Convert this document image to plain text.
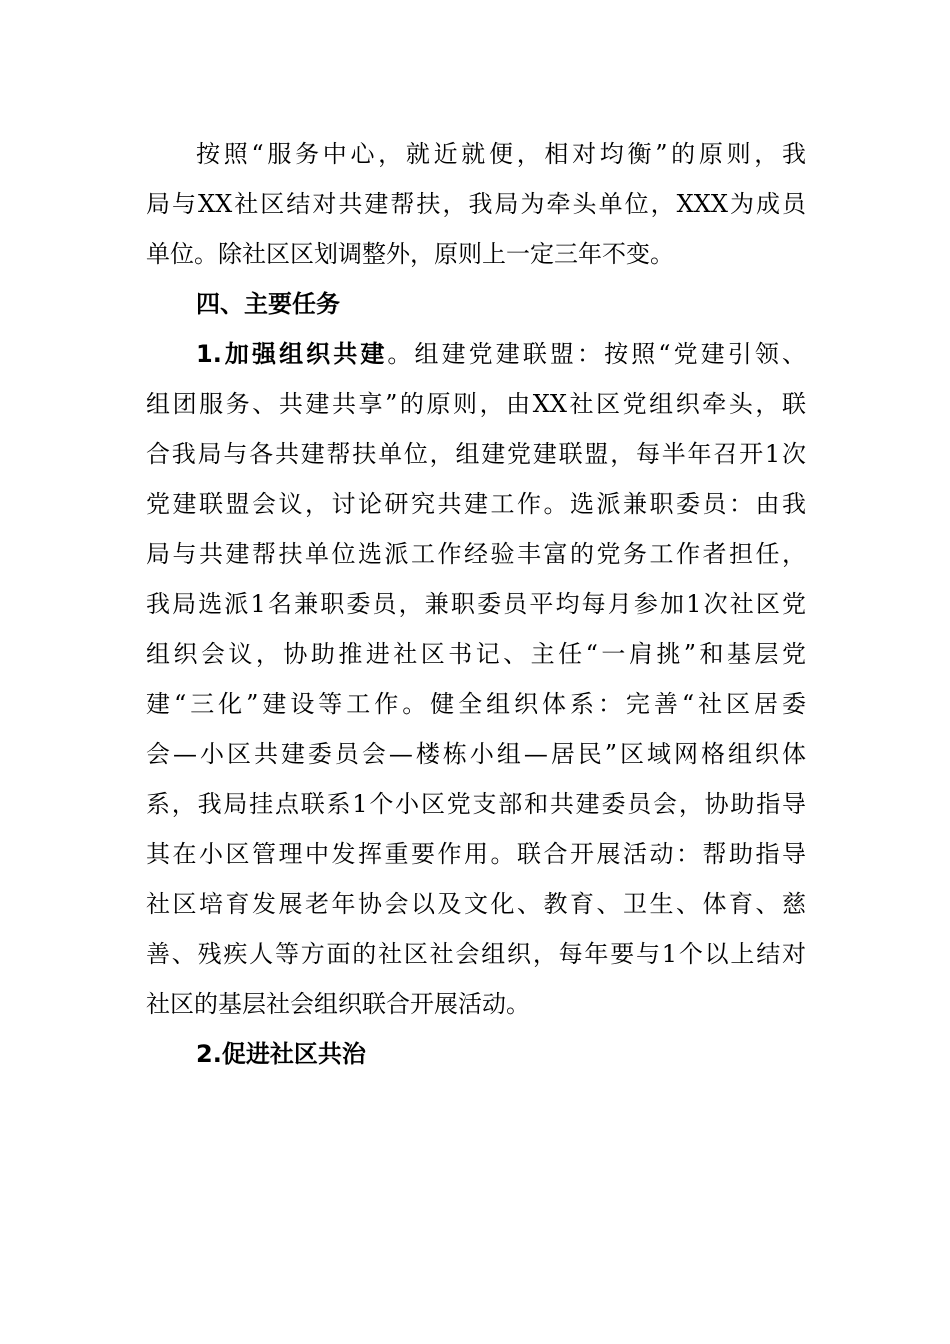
按照“服务中心，就近就便，相对均衡”的原则，我
局与XX社区结对共建帮扶，我局为牵头单位，XXX为成员
单位。除社区区划调整外，原则上一定三年不变。
四、主要任务
1.加强组织共建。组建党建联盟：按照“党建引领、
组团服务、共建共享”的原则，由XX社区党组织牵头，联
合我局与各共建帮扶单位，组建党建联盟，每半年召开1次
党建联盟会议，讨论研究共建工作。选派兼职委员：由我
局与共建帮扶单位选派工作经验丰富的党务工作者担任，
我局选派1名兼职委员，兼职委员平均每月参加1次社区党
组织会议，协助推进社区书记、主任“一肩挑”和基层党
建“三化”建设等工作。健全组织体系：完善“社区居委
会—小区共建委员会—楼栋小组—居民”区域网格组织体
系，我局挂点联系1个小区党支部和共建委员会，协助指导
其在小区管理中发挥重要作用。联合开展活动：帮助指导
社区培育发展老年协会以及文化、教育、卫生、体育、慈
善、残疾人等方面的社区社会组织，每年要与1个以上结对
社区的基层社会组织联合开展活动。
2.促进社区共治
